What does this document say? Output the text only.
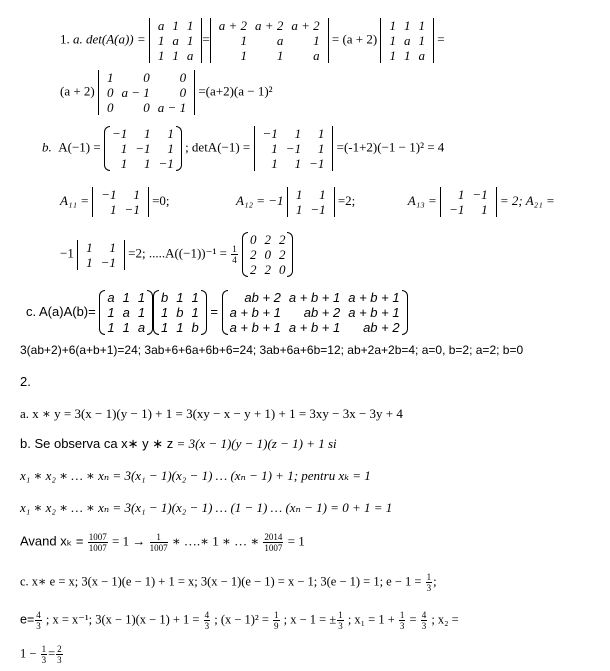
1. a. det(A(a)) =
a	1	1
1	a	1
1	1	a
=
a + 2	a + 2	a + 2
1	a	1
1	1	a
= (a + 2)
1	1	1
1	a	1
1	1	a
=
(a + 2)
1	0	0
0	a − 1	0
0	0	a − 1
=(a+2)(a − 1)²
b. A(−1) =
−1	1	1
1	−1	1
1	1	−1
; detA(−1) =
−1	1	1
1	−1	1
1	1	−1
=(-1+2)(−1 − 1)² = 4
A₁₁ = −1	1
1	−1
=0;	A₁₂ = −1 1	1
1	−1
=2;	A₁₃ = 1	−1
−1	1
= 2; A₂₁ =
−1 1	1
1	−1
=2; $.....A((-1))^{-1} = \frac{1}{4}$

0	2	2
2	0	2
2	2	0
c. A(a)A(b)=
a	1	1
1	a	1
1	1	a
b	1	1
1	b	1
1	1	b
=
ab + 2	a + b + 1	a + b + 1
a + b + 1	ab + 2	a + b + 1
a + b + 1	a + b + 1	ab + 2
3(ab+2)+6(a+b+1)=24; 3ab+6+6a+6b+6=24; 3ab+6a+6b=12; ab+2a+2b=4; a=0, b=2; a=2; b=0
2.
a. x ∗ y = 3(x − 1)(y − 1) + 1 = 3(xy − x − y + 1) + 1 = 3xy − 3x − 3y + 4
b. Se observa ca x∗ y ∗ z = 3(x − 1)(y − 1)(z − 1) + 1 si
x₁ ∗ x₂ ∗ … ∗ xₙ = 3(x₁ − 1)(x₂ − 1) … (xₙ − 1) + 1; pentru xₖ = 1
x₁ ∗ x₂ ∗ … ∗ xₙ = 3(x₁ − 1)(x₂ − 1) … (1 − 1) … (xₙ − 1) = 0 + 1 = 1
Avand $x_k = \frac{1007}{1007} = 1 \to \frac{1}{1007}$ ∗ ….∗ 1 ∗ … ∗ $\frac{2014}{1007} = 1$
c. x∗ e = x; 3(x − 1)(e − 1) + 1 = x; 3(x − 1)(e − 1) = x − 1; 3(e − 1) = 1; $e - 1 = \frac{1}{3}$ ;
$e= \frac{4}{3}$ ; x = x⁻¹; $3(x - 1)(x - 1) + 1 = \frac{4}{3}$ ; $(x - 1)^2 = \frac{1}{9}$ ; x − 1 = ± $\frac{1}{3}$ ; $x_1 = 1 + \frac{1}{3} = \frac{4}{3}$ ; x₂ =
$1 - \frac{1}{3} = \frac{2}{3}$
